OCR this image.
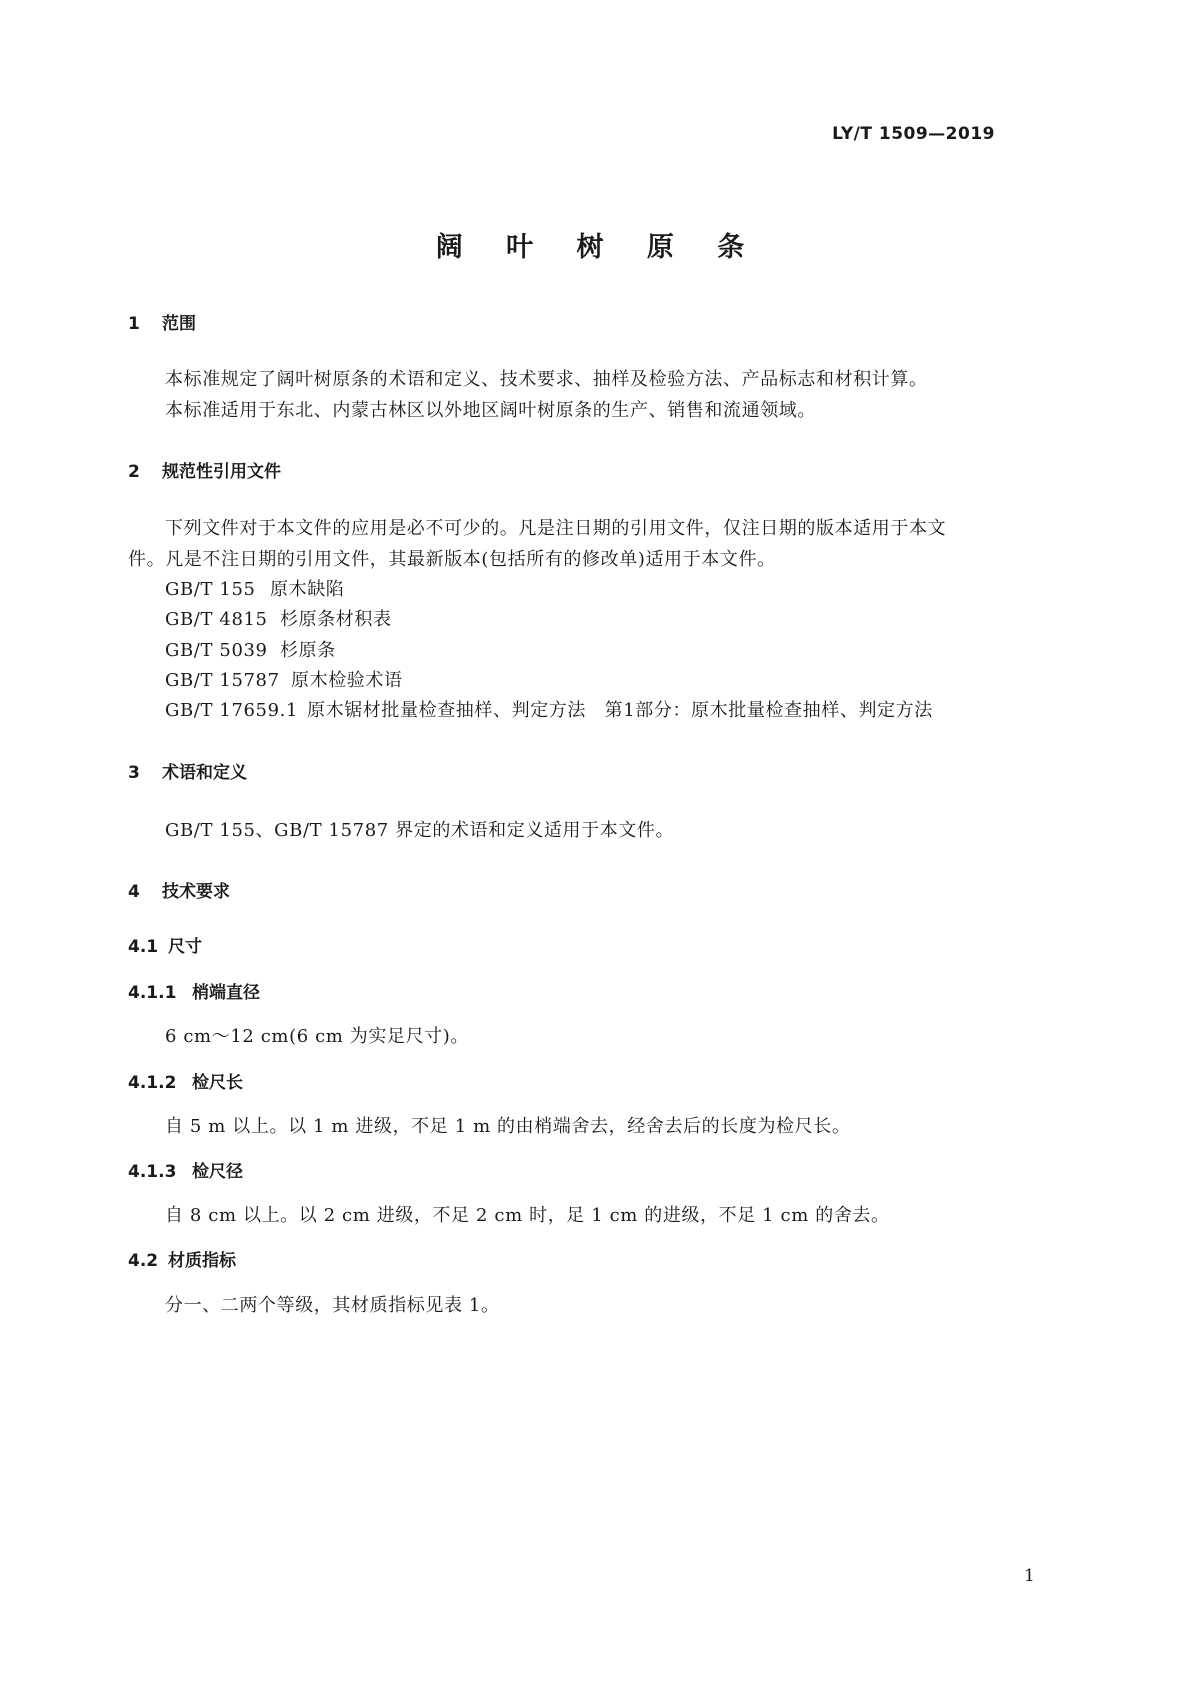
LY/T 1509—2019
阔 叶 树 原 条
1 范围
本标准规定了阔叶树原条的术语和定义、技术要求、抽样及检验方法、产品标志和材积计算。
本标准适用于东北、内蒙古林区以外地区阔叶树原条的生产、销售和流通领域。
2 规范性引用文件
下列文件对于本文件的应用是必不可少的。凡是注日期的引用文件，仅注日期的版本适用于本文
件。凡是不注日期的引用文件，其最新版本(包括所有的修改单)适用于本文件。
GB/T 155 原木缺陷
GB/T 4815 杉原条材积表
GB/T 5039 杉原条
GB/T 15787 原木检验术语
GB/T 17659.1 原木锯材批量检查抽样、判定方法　第1部分：原木批量检查抽样、判定方法
3 术语和定义
GB/T 155、GB/T 15787 界定的术语和定义适用于本文件。
4 技术要求
4.1 尺寸
4.1.1 梢端直径
6 cm～12 cm(6 cm 为实足尺寸)。
4.1.2 检尺长
自 5 m 以上。以 1 m 进级，不足 1 m 的由梢端舍去，经舍去后的长度为检尺长。
4.1.3 检尺径
自 8 cm 以上。以 2 cm 进级，不足 2 cm 时，足 1 cm 的进级，不足 1 cm 的舍去。
4.2 材质指标
分一、二两个等级，其材质指标见表 1。
1
